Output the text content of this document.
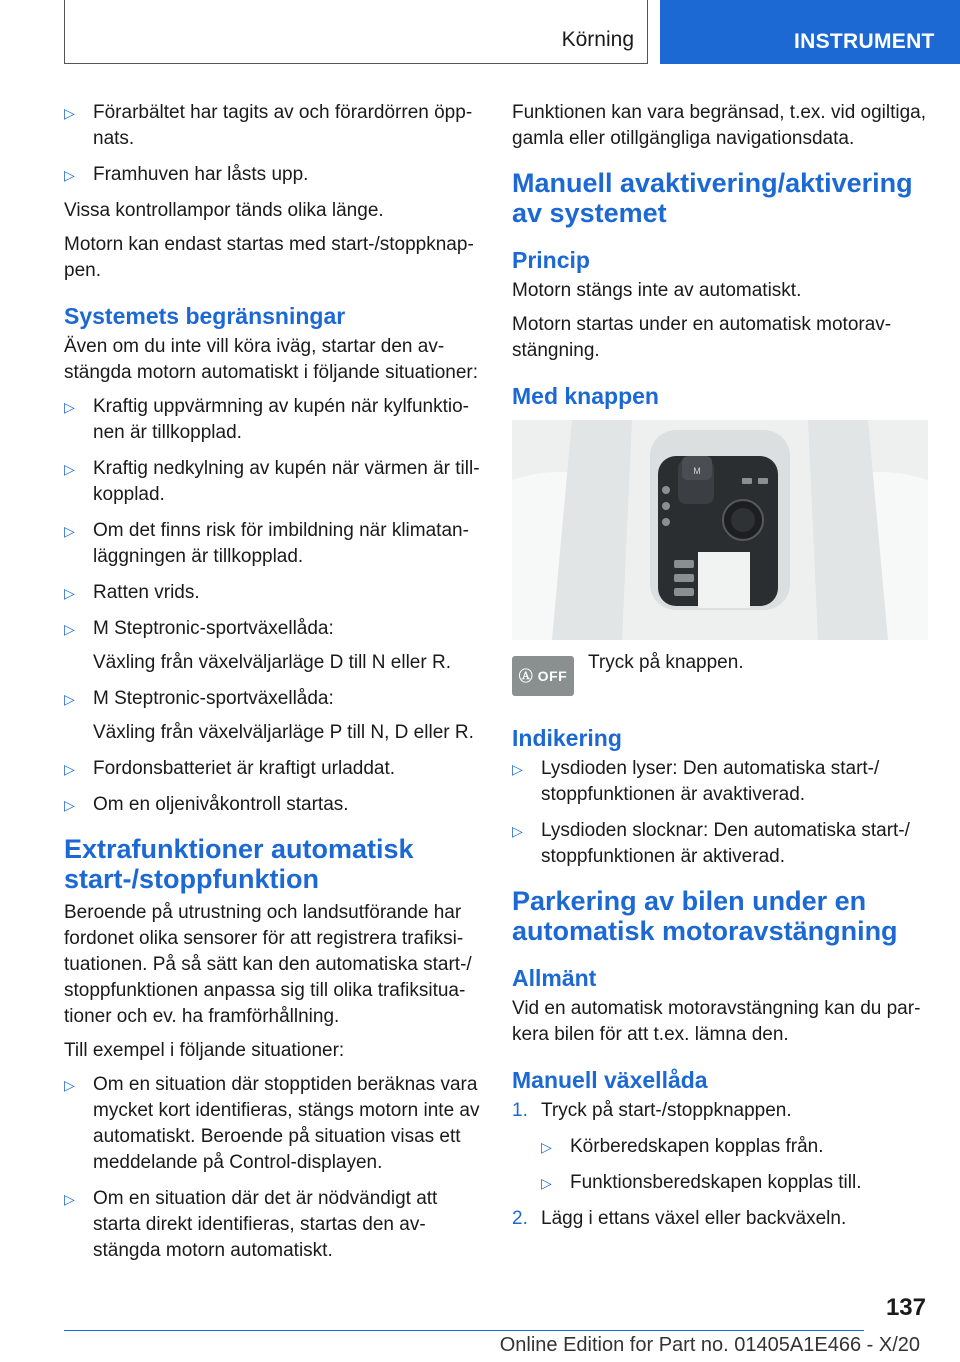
Körning	INSTRUMENT
▷ Förarbältet har tagits av och förardörren öppnats.
▷ Framhuven har låsts upp.

Vissa kontrollampor tänds olika länge.

Motorn kan endast startas med start-/stoppknappen.

Systemets begränsningar

Även om du inte vill köra iväg, startar den avstängda motorn automatiskt i följande situationer:

▷ Kraftig uppvärmning av kupén när kylfunktionen är tillkopplad.
▷ Kraftig nedkylning av kupén när värmen är tillkopplad.
▷ Om det finns risk för imbildning när klimatanläggningen är tillkopplad.
▷ Ratten vrids.
▷ M Steptronic-sportväxellåda:
Växling från växelväljarläge D till N eller R.
▷ M Steptronic-sportväxellåda:
Växling från växelväljarläge P till N, D eller R.
▷ Fordonsbatteriet är kraftigt urladdat.
▷ Om en oljenivåkontroll startas.
Extrafunktioner automatisk start-/stoppfunktion

Beroende på utrustning och landsutförande har fordonet olika sensorer för att registrera trafiksituationen. På så sätt kan den automatiska start-/ stoppfunktionen anpassa sig till olika trafiksituationer och ev. ha framförhållning.

Till exempel i följande situationer:

▷ Om en situation där stopptiden beräknas vara mycket kort identifieras, stängs motorn inte av automatiskt. Beroende på situation visas ett meddelande på Control-displayen.
▷ Om en situation där det är nödvändigt att starta direkt identifieras, startas den avstängda motorn automatiskt.

Funktionen kan vara begränsad, t.ex. vid ogiltiga, gamla eller otillgängliga navigationsdata.

Manuell avaktivering/aktivering av systemet
Princip

Motorn stängs inte av automatiskt.

Motorn startas under en automatisk motoravstängning.

Med knappen
M
Ⓐ OFF
Tryck på knappen.
Indikering
▷ Lysdioden lyser: Den automatiska start-/ stoppfunktionen är avaktiverad.
▷ Lysdioden slocknar: Den automatiska start-/ stoppfunktionen är aktiverad.
Parkering av bilen under en automatisk motoravstängning
Allmänt

Vid en automatisk motoravstängning kan du parkera bilen för att t.ex. lämna den.

Manuell växellåda
1. Tryck på start-/stoppknappen.
▷ Körberedskapen kopplas från.
▷ Funktionsberedskapen kopplas till.
2. Lägg i ettans växel eller backväxeln.
137
Online Edition for Part no. 01405A1E466 - X/20
